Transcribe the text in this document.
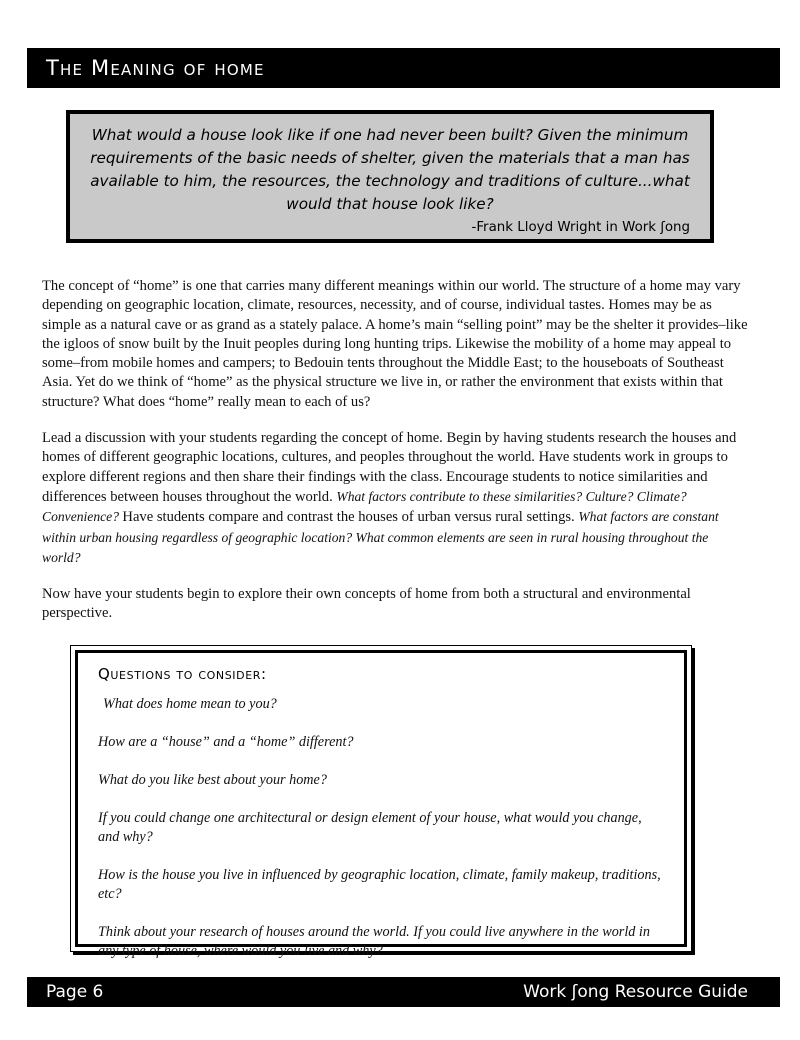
The Meaning of home

What would a house look like if one had never been built? Given the minimum requirements of the basic needs of shelter, given the materials that a man has available to him, the resources, the technology and traditions of culture...what would that house look like?

-Frank Lloyd Wright in Work ʃong

The concept of “home” is one that carries many different meanings within our world. The structure of a home may vary depending on geographic location, climate, resources, necessity, and of course, individual tastes. Homes may be as simple as a natural cave or as grand as a stately palace. A home’s main “selling point” may be the shelter it provides–like the igloos of snow built by the Inuit peoples during long hunting trips. Likewise the mobility of a home may appeal to some–from mobile homes and campers; to Bedouin tents throughout the Middle East; to the houseboats of Southeast Asia. Yet do we think of “home” as the physical structure we live in, or rather the environment that exists within that structure? What does “home” really mean to each of us?

Lead a discussion with your students regarding the concept of home. Begin by having students research the houses and homes of different geographic locations, cultures, and peoples throughout the world. Have students work in groups to explore different regions and then share their findings with the class. Encourage students to notice similarities and differences between houses throughout the world. What factors contribute to these similarities? Culture? Climate? Convenience? Have students compare and contrast the houses of urban versus rural settings. What factors are constant within urban housing regardless of geographic location? What common elements are seen in rural housing throughout the world?

Now have your students begin to explore their own concepts of home from both a structural and environmental perspective.

Questions to consider:

What does home mean to you?

How are a “house” and a “home” different?

What do you like best about your home?

If you could change one architectural or design element of your house, what would you change, and why?

How is the house you live in influenced by geographic location, climate, family makeup, traditions, etc?

Think about your research of houses around the world. If you could live anywhere in the world in any type of house, where would you live and why?

Page 6	Work ʃong Resource Guide
